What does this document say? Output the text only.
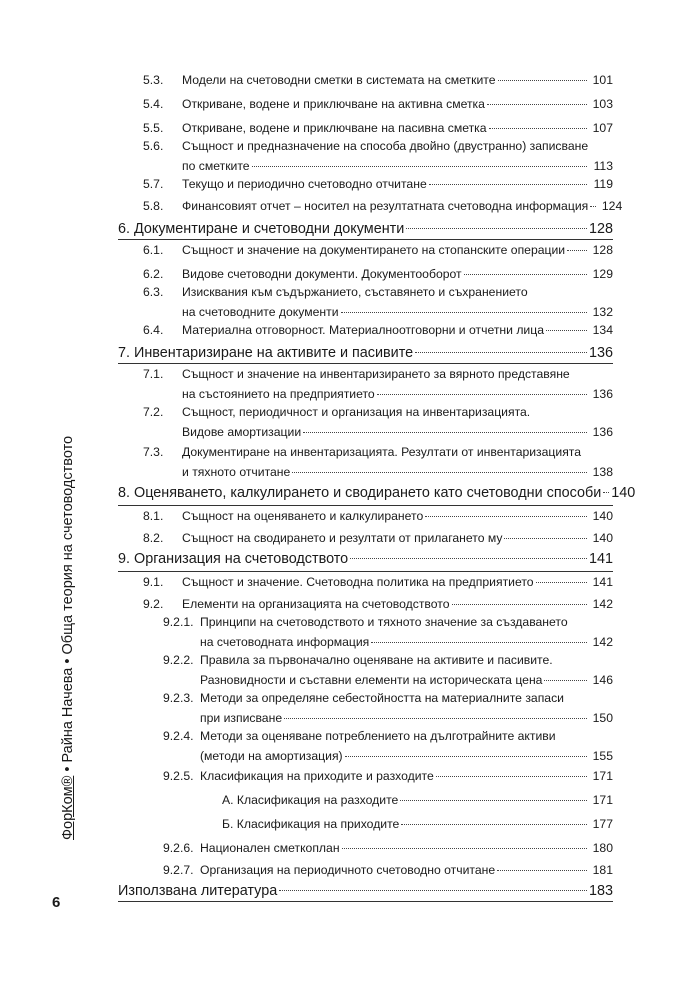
5.3. Модели на счетоводни сметки в системата на сметките	101
5.4. Откриване, водене и приключване на активна сметка	103
5.5. Откриване, водене и приключване на пасивна сметка	107
5.6. Същност и предназначение на способа двойно (двустранно) записване
по сметките	113
5.7. Текущо и периодично счетоводно отчитане	119
5.8. Финансовият отчет – носител на резултатната счетоводна информация 124
6. Документиране и счетоводни документи	128
6.1. Същност и значение на документирането на стопанските операции 128
6.2. Видове счетоводни документи. Документооборот	129
6.3. Изисквания към съдържанието, съставянето и съхранението
на счетоводните документи	132
6.4. Материална отговорност. Материалноотговорни и отчетни лица	134
7. Инвентаризиране на активите и пасивите	136
7.1. Същност и значение на инвентаризирането за вярното представяне
на състоянието на предприятието	136
7.2. Същност, периодичност и организация на инвентаризацията.
Видове амортизации	136
7.3. Документиране на инвентаризацията. Резултати от инвентаризацията
и тяхното отчитане	138
8. Оценяването, калкулирането и сводирането като счетоводни способи 140
8.1. Същност на оценяването и калкулирането	140
8.2. Същност на сводирането и резултати от прилагането му	140
9. Организация на счетоводството	141
9.1. Същност и значение. Счетоводна политика на предприятието	141
9.2. Елементи на организацията на счетоводството	142
9.2.1. Принципи на счетоводството и тяхното значение за създаването
на счетоводната информация	142
9.2.2. Правила за първоначално оценяване на активите и пасивите.
Разновидности и съставни елементи на историческата цена	146
9.2.3. Методи за определяне себестойността на материалните запаси
при изписване	150
9.2.4. Методи за оценяване потреблението на дълготрайните активи
(методи на амортизация)	155
9.2.5. Класификация на приходите и разходите	171
А. Класификация на разходите	171
Б. Класификация на приходите	177
9.2.6. Национален сметкоплан	180
9.2.7. Организация на периодичното счетоводно отчитане	181
Използвана литература	183
ФорКом® • Райна Начева • Обща теория на счетоводството
6
